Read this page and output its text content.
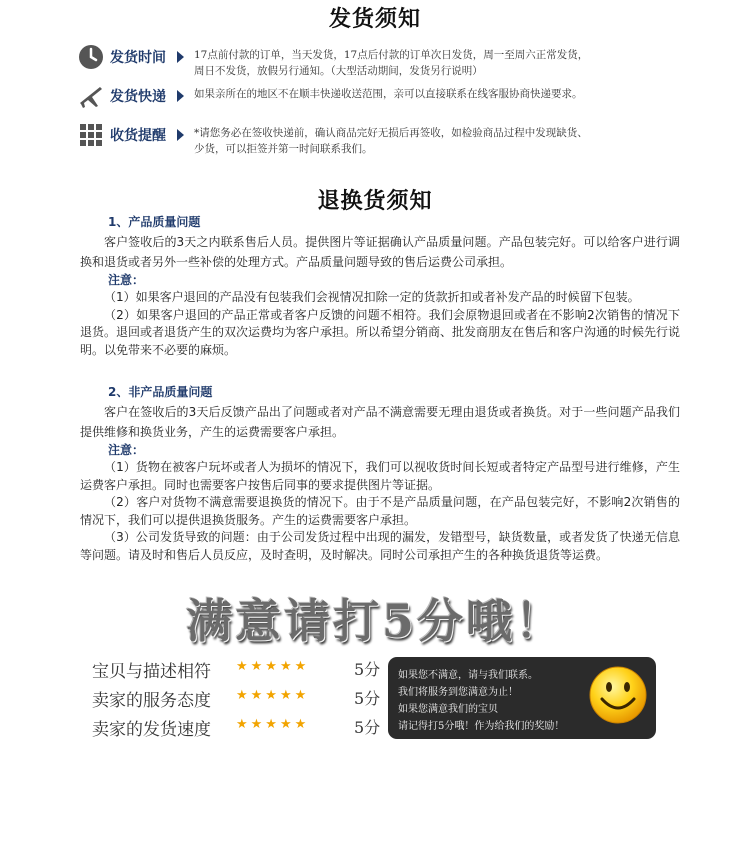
发货须知
发货时间	17点前付款的订单，当天发货，17点后付款的订单次日发货，周一至周六正常发货，
周日不发货，放假另行通知。（大型活动期间，发货另行说明）
发货快递	如果亲所在的地区不在顺丰快递收送范围，亲可以直接联系在线客服协商快递要求。
收货提醒	*请您务必在签收快递前，确认商品完好无损后再签收，如检验商品过程中发现缺货、
少货，可以拒签并第一时间联系我们。
退换货须知
1、产品质量问题
客户签收后的3天之内联系售后人员。提供图片等证据确认产品质量问题。产品包装完好。可以给客户进行调换和退货或者另外一些补偿的处理方式。产品质量问题导致的售后运费公司承担。
注意：
（1）如果客户退回的产品没有包装我们会视情况扣除一定的货款折扣或者补发产品的时候留下包装。
（2）如果客户退回的产品正常或者客户反馈的问题不相符。我们会原物退回或者在不影响2次销售的情况下退货。退回或者退货产生的双次运费均为客户承担。所以希望分销商、批发商朋友在售后和客户沟通的时候先行说明。以免带来不必要的麻烦。
2、非产品质量问题
客户在签收后的3天后反馈产品出了问题或者对产品不满意需要无理由退货或者换货。对于一些问题产品我们提供维修和换货业务，产生的运费需要客户承担。
注意：
（1）货物在被客户玩坏或者人为损坏的情况下，我们可以视收货时间长短或者特定产品型号进行维修，产生运费客户承担。同时也需要客户按售后同事的要求提供图片等证据。
（2）客户对货物不满意需要退换货的情况下。由于不是产品质量问题，在产品包装完好，不影响2次销售的情况下，我们可以提供退换货服务。产生的运费需要客户承担。
（3）公司发货导致的问题：由于公司发货过程中出现的漏发，发错型号，缺货数量，或者发货了快递无信息等问题。请及时和售后人员反应，及时查明，及时解决。同时公司承担产生的各种换货退货等运费。
满意请打5分哦！
宝贝与描述相符 ★★★★★	5分
卖家的服务态度 ★★★★★	5分
卖家的发货速度 ★★★★★	5分
如果您不满意，请与我们联系。
我们将服务到您满意为止！
如果您满意我们的宝贝
请记得打5分哦！作为给我们的奖励！
